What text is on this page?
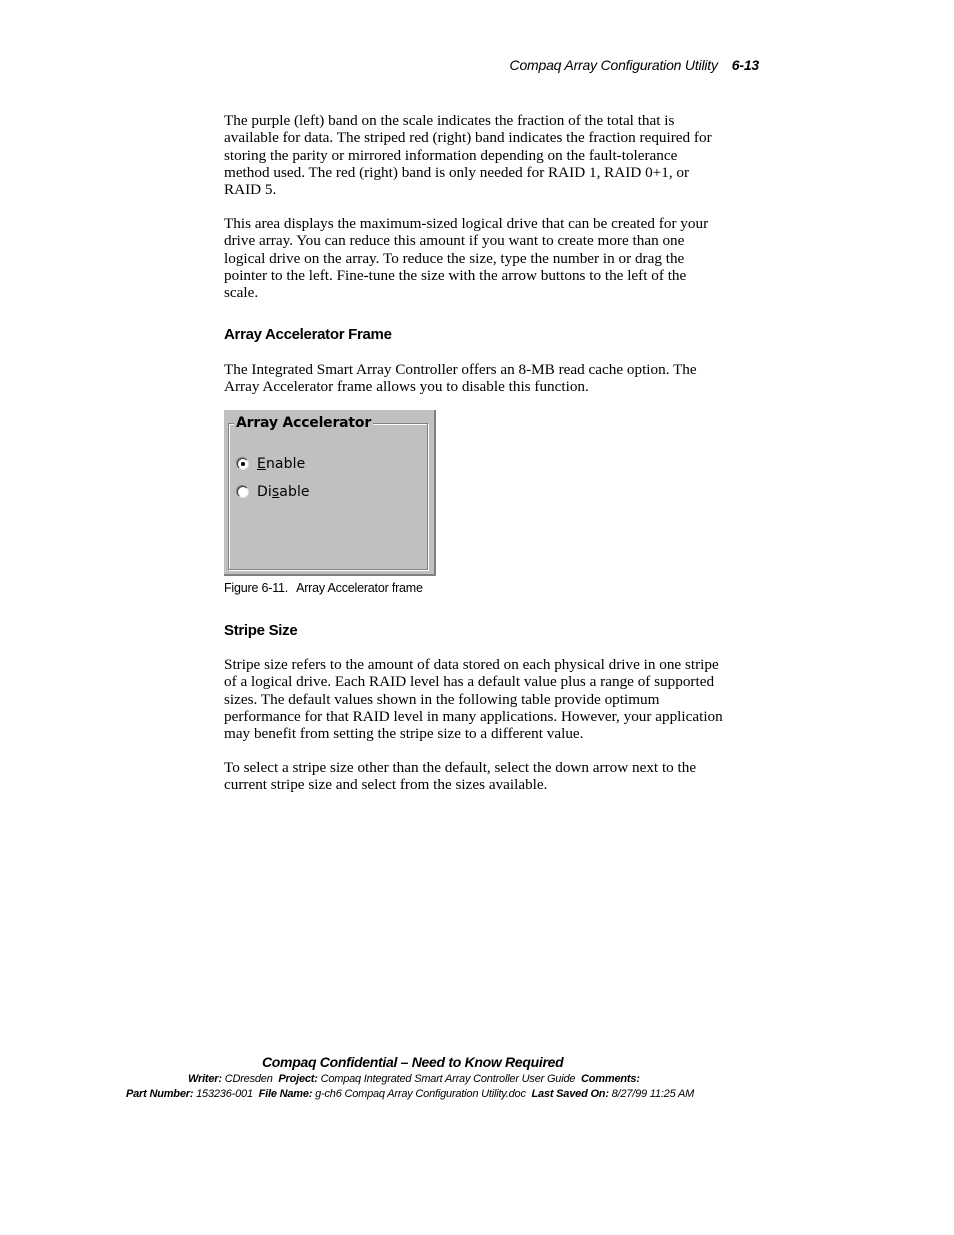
Compaq Array Configuration Utility 6-13

The purple (left) band on the scale indicates the fraction of the total that is available for data. The striped red (right) band indicates the fraction required for storing the parity or mirrored information depending on the fault-tolerance method used. The red (right) band is only needed for RAID 1, RAID 0+1, or RAID 5.

This area displays the maximum-sized logical drive that can be created for your drive array. You can reduce this amount if you want to create more than one logical drive on the array. To reduce the size, type the number in or drag the pointer to the left. Fine-tune the size with the arrow buttons to the left of the scale.

Array Accelerator Frame

The Integrated Smart Array Controller offers an 8-MB read cache option. The Array Accelerator frame allows you to disable this function.

Array Accelerator
Enable
Disable
Figure 6-11. Array Accelerator frame
Stripe Size

Stripe size refers to the amount of data stored on each physical drive in one stripe of a logical drive. Each RAID level has a default value plus a range of supported sizes. The default values shown in the following table provide optimum performance for that RAID level in many applications. However, your application may benefit from setting the stripe size to a different value.

To select a stripe size other than the default, select the down arrow next to the current stripe size and select from the sizes available.

Compaq Confidential – Need to Know Required
Writer: CDresden Project: Compaq Integrated Smart Array Controller User Guide Comments:
Part Number: 153236-001 File Name: g-ch6 Compaq Array Configuration Utility.doc Last Saved On: 8/27/99 11:25 AM
